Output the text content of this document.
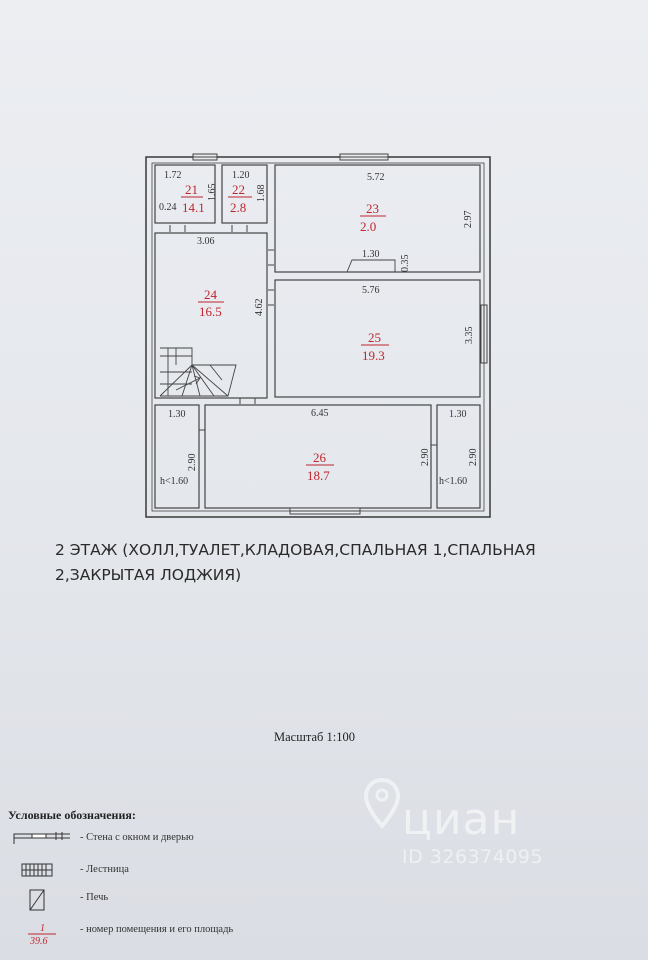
21
14.1
22
2.8	23
2.0
24
16.5
25
19.3
26
18.7
1.72
1.65
0.24
1.20
1.68
5.72
2.97
1.30 0.35
3.06
4.62
5.76
3.35
6.45
2.90
1.30
2.90
h<1.60
1.30
2.90
h<1.60
2 ЭТАЖ (ХОЛЛ,ТУАЛЕТ,КЛАДОВАЯ,СПАЛЬНАЯ 1,СПАЛЬНАЯ 2,ЗАКРЫТАЯ ЛОДЖИЯ)
Масштаб 1:100
циан
ID 326374095
Условные обозначения:
- Стена с окном и дверью
- Лестница
- Печь
1
39.6
- номер помещения и его площадь
